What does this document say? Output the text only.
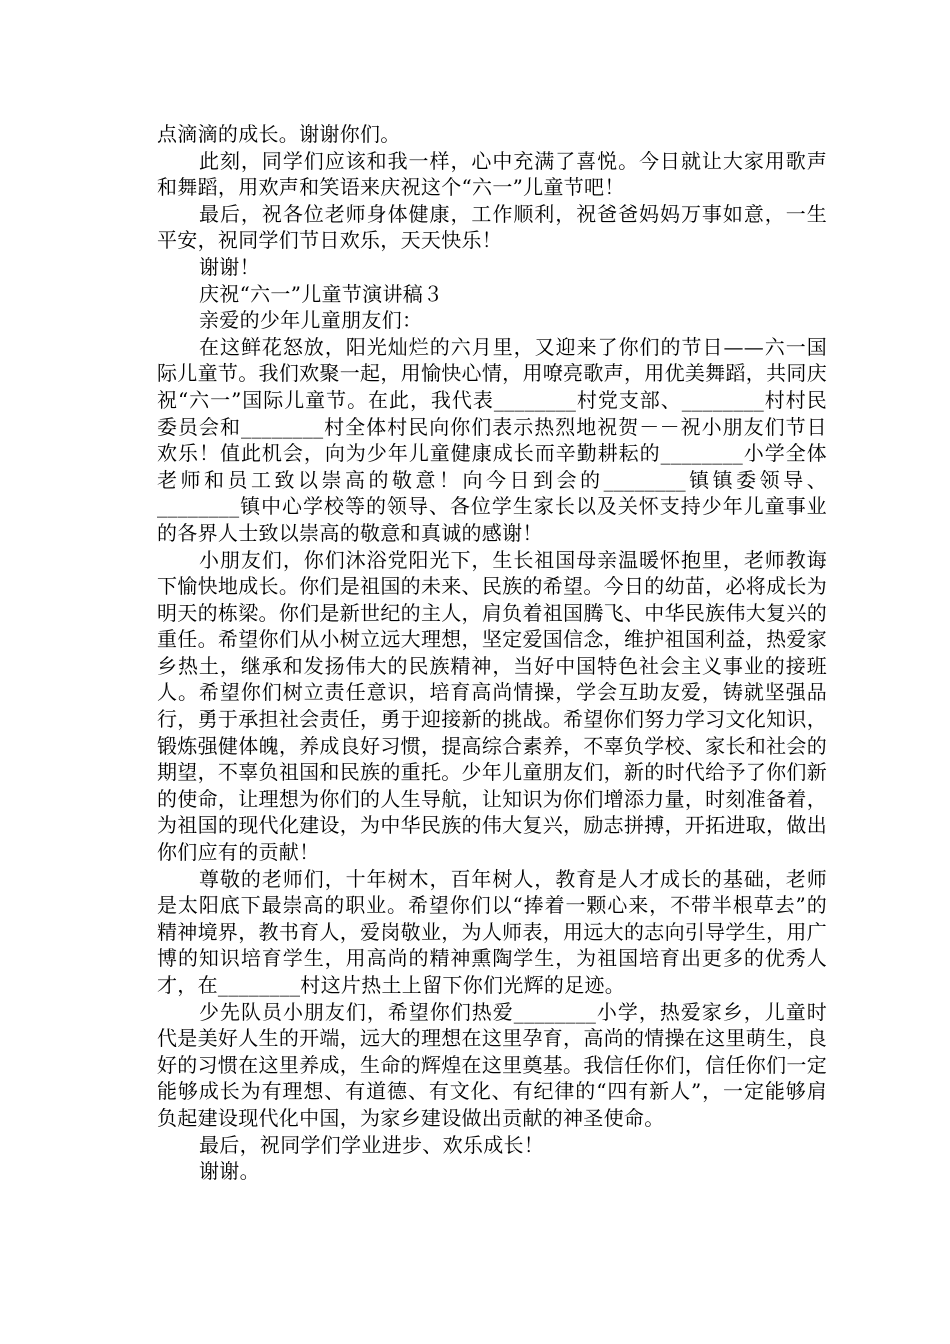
点滴滴的成长。谢谢你们。

此刻，同学们应该和我一样，心中充满了喜悦。今日就让大家用歌声和舞蹈，用欢声和笑语来庆祝这个“六一”儿童节吧！

最后，祝各位老师身体健康，工作顺利，祝爸爸妈妈万事如意，一生平安，祝同学们节日欢乐，天天快乐！

谢谢！

庆祝“六一”儿童节演讲稿３

亲爱的少年儿童朋友们：

在这鲜花怒放，阳光灿烂的六月里，又迎来了你们的节日——六一国际儿童节。我们欢聚一起，用愉快心情，用嘹亮歌声，用优美舞蹈，共同庆祝“六一”国际儿童节。在此，我代表________村党支部、________村村民委员会和________村全体村民向你们表示热烈地祝贺－－祝小朋友们节日欢乐！值此机会，向为少年儿童健康成长而辛勤耕耘的________小学全体老师和员工致以崇高的敬意！向今日到会的________镇镇委领导、________镇中心学校等的领导、各位学生家长以及关怀支持少年儿童事业的各界人士致以崇高的敬意和真诚的感谢！

小朋友们，你们沐浴党阳光下，生长祖国母亲温暖怀抱里，老师教诲下愉快地成长。你们是祖国的未来、民族的希望。今日的幼苗，必将成长为明天的栋梁。你们是新世纪的主人，肩负着祖国腾飞、中华民族伟大复兴的重任。希望你们从小树立远大理想，坚定爱国信念，维护祖国利益，热爱家乡热土，继承和发扬伟大的民族精神，当好中国特色社会主义事业的接班人。希望你们树立责任意识，培育高尚情操，学会互助友爱，铸就坚强品行，勇于承担社会责任，勇于迎接新的挑战。希望你们努力学习文化知识，锻炼强健体魄，养成良好习惯，提高综合素养，不辜负学校、家长和社会的期望，不辜负祖国和民族的重托。少年儿童朋友们，新的时代给予了你们新的使命，让理想为你们的人生导航，让知识为你们增添力量，时刻准备着，为祖国的现代化建设，为中华民族的伟大复兴，励志拼搏，开拓进取，做出你们应有的贡献！

尊敬的老师们，十年树木，百年树人，教育是人才成长的基础，老师是太阳底下最崇高的职业。希望你们以“捧着一颗心来，不带半根草去”的精神境界，教书育人，爱岗敬业，为人师表，用远大的志向引导学生，用广博的知识培育学生，用高尚的精神熏陶学生，为祖国培育出更多的优秀人才，在________村这片热土上留下你们光辉的足迹。

少先队员小朋友们，希望你们热爱________小学，热爱家乡，儿童时代是美好人生的开端，远大的理想在这里孕育，高尚的情操在这里萌生，良好的习惯在这里养成，生命的辉煌在这里奠基。我信任你们，信任你们一定能够成长为有理想、有道德、有文化、有纪律的“四有新人”，一定能够肩负起建设现代化中国，为家乡建设做出贡献的神圣使命。

最后，祝同学们学业进步、欢乐成长！

谢谢。
